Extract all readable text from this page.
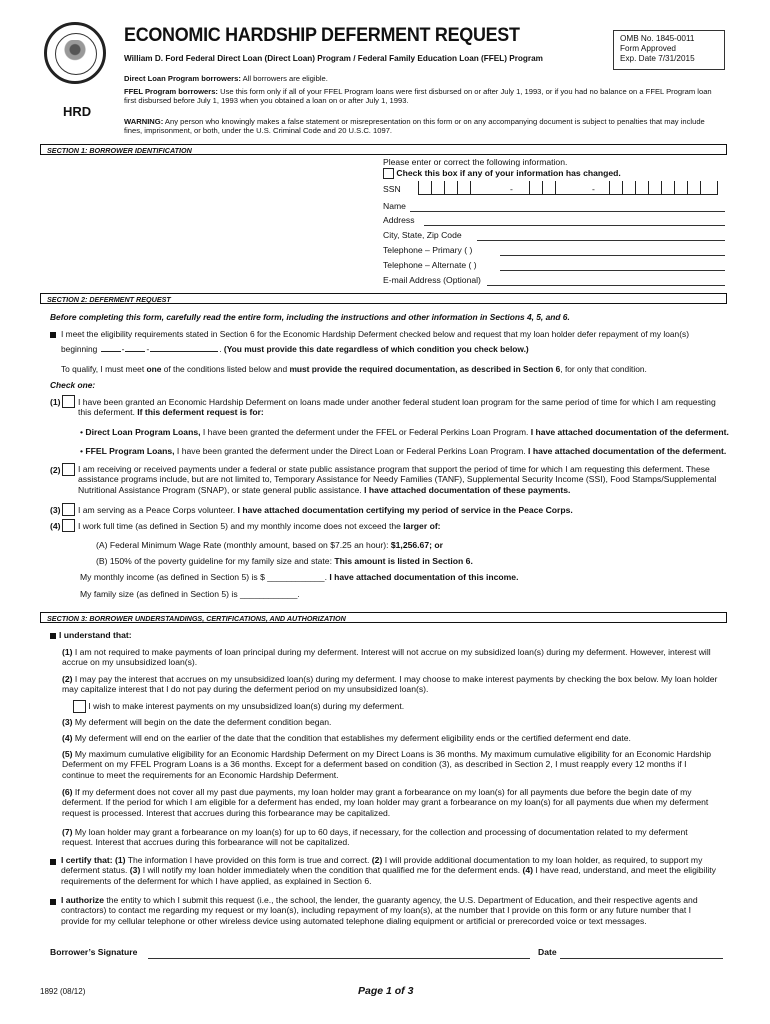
ECONOMIC HARDSHIP DEFERMENT REQUEST
William D. Ford Federal Direct Loan (Direct Loan) Program / Federal Family Education Loan (FFEL) Program
OMB No. 1845-0011
Form Approved
Exp. Date 7/31/2015
Direct Loan Program borrowers: All borrowers are eligible.
FFEL Program borrowers: Use this form only if all of your FFEL Program loans were first disbursed on or after July 1, 1993, or if you had no balance on a FFEL Program loan first disbursed before July 1, 1993 when you obtained a loan on or after July 1, 1993.
HRD
WARNING: Any person who knowingly makes a false statement or misrepresentation on this form or on any accompanying document is subject to penalties that may include fines, imprisonment, or both, under the U.S. Criminal Code and 20 U.S.C. 1097.
SECTION 1: BORROWER IDENTIFICATION
Please enter or correct the following information.
Check this box if any of your information has changed.
SSN	-	-
Name
Address
City, State, Zip Code
Telephone – Primary ( )
Telephone – Alternate ( )
E-mail Address (Optional)
SECTION 2: DEFERMENT REQUEST
Before completing this form, carefully read the entire form, including the instructions and other information in Sections 4, 5, and 6.
I meet the eligibility requirements stated in Section 6 for the Economic Hardship Deferment checked below and request that my loan holder defer repayment of my loan(s)
beginning	-	-	. (You must provide this date regardless of which condition you check below.)
To qualify, I must meet one of the conditions listed below and must provide the required documentation, as described in Section 6, for only that condition.
Check one:
(1) I have been granted an Economic Hardship Deferment on loans made under another federal student loan program for the same period of time for which I am requesting this deferment. If this deferment request is for:
• Direct Loan Program Loans, I have been granted the deferment under the FFEL or Federal Perkins Loan Program. I have attached documentation of the deferment.
• FFEL Program Loans, I have been granted the deferment under the Direct Loan or Federal Perkins Loan Program. I have attached documentation of the deferment.
(2) I am receiving or received payments under a federal or state public assistance program that support the period of time for which I am requesting this deferment. These assistance programs include, but are not limited to, Temporary Assistance for Needy Families (TANF), Supplemental Security Income (SSI), Food Stamps/Supplemental Nutritional Assistance Program (SNAP), or state general public assistance. I have attached documentation of these payments.
(3) I am serving as a Peace Corps volunteer. I have attached documentation certifying my period of service in the Peace Corps.
(4) I work full time (as defined in Section 5) and my monthly income does not exceed the larger of:
(A) Federal Minimum Wage Rate (monthly amount, based on $7.25 an hour): $1,256.67; or
(B) 150% of the poverty guideline for my family size and state: This amount is listed in Section 6.
My monthly income (as defined in Section 5) is $ ____________. I have attached documentation of this income.
My family size (as defined in Section 5) is ____________.
SECTION 3: BORROWER UNDERSTANDINGS, CERTIFICATIONS, AND AUTHORIZATION
I understand that:
(1) I am not required to make payments of loan principal during my deferment. Interest will not accrue on my subsidized loan(s) during my deferment. However, interest will accrue on my unsubsidized loan(s).
(2) I may pay the interest that accrues on my unsubsidized loan(s) during my deferment. I may choose to make interest payments by checking the box below. My loan holder may capitalize interest that I do not pay during the deferment period on my unsubsidized loan(s).
I wish to make interest payments on my unsubsidized loan(s) during my deferment.
(3) My deferment will begin on the date the deferment condition began.
(4) My deferment will end on the earlier of the date that the condition that establishes my deferment eligibility ends or the certified deferment end date.
(5) My maximum cumulative eligibility for an Economic Hardship Deferment on my Direct Loans is 36 months. My maximum cumulative eligibility for an Economic Hardship Deferment on my FFEL Program Loans is a 36 months. Except for a deferment based on condition (3), as described in Section 2, I must reapply every 12 months if I continue to meet the requirements for an Economic Hardship Deferment.
(6) If my deferment does not cover all my past due payments, my loan holder may grant a forbearance on my loan(s) for all payments due before the begin date of my deferment. If the period for which I am eligible for a deferment has ended, my loan holder may grant a forbearance on my loan(s) for all payments due when my deferment request is processed. Interest that accrues during this forbearance may be capitalized.
(7) My loan holder may grant a forbearance on my loan(s) for up to 60 days, if necessary, for the collection and processing of documentation related to my deferment request. Interest that accrues during this forbearance will not be capitalized.
I certify that: (1) The information I have provided on this form is true and correct. (2) I will provide additional documentation to my loan holder, as required, to support my deferment status. (3) I will notify my loan holder immediately when the condition that qualified me for the deferment ends. (4) I have read, understand, and meet the eligibility requirements of the deferment for which I have applied, as explained in Section 6.
I authorize the entity to which I submit this request (i.e., the school, the lender, the guaranty agency, the U.S. Department of Education, and their respective agents and contractors) to contact me regarding my request or my loan(s), including repayment of my loan(s), at the number that I provide on this form or any future number that I provide for my cellular telephone or other wireless device using automated telephone dialing equipment or artificial or prerecorded voice or text messages.
Borrower’s Signature	Date
1892 (08/12)	Page 1 of 3
